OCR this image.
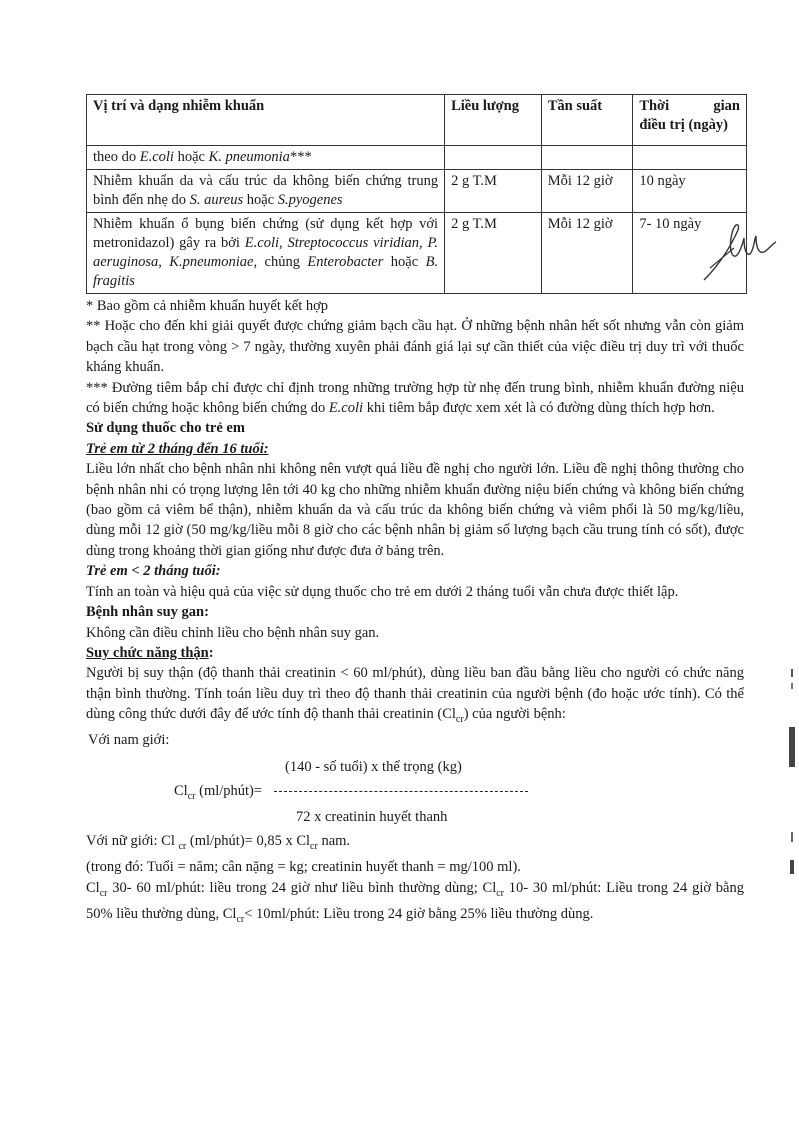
Vị trí và dạng nhiễm khuẩn	Liều lượng	Tần suất	Thời gian
điều trị (ngày)

theo do E.coli hoặc K. pneumonia***			
Nhiễm khuẩn da và cấu trúc da không biến chứng trung bình đến nhẹ do S. aureus hoặc S.pyogenes	2 g T.M	Mỗi 12 giờ	10 ngày
Nhiễm khuẩn ổ bụng biến chứng (sử dụng kết hợp với metronidazol) gây ra bởi E.coli, Streptococcus viridian, P. aeruginosa, K.pneumoniae, chủng Enterobacter hoặc B. fragitis	2 g T.M	Mỗi 12 giờ	7- 10 ngày

* Bao gồm cả nhiễm khuẩn huyết kết hợp

** Hoặc cho đến khi giải quyết được chứng giảm bạch cầu hạt. Ở những bệnh nhân hết sốt nhưng vẫn còn giảm bạch cầu hạt trong vòng > 7 ngày, thường xuyên phải đánh giá lại sự cần thiết của việc điều trị duy trì với thuốc kháng khuẩn.

*** Đường tiêm bắp chỉ được chỉ định trong những trường hợp từ nhẹ đến trung bình, nhiễm khuẩn đường niệu có biến chứng hoặc không biến chứng do E.coli khi tiêm bắp được xem xét là có đường dùng thích hợp hơn.

Sử dụng thuốc cho trẻ em

Trẻ em từ 2 tháng đến 16 tuổi:

Liều lớn nhất cho bệnh nhân nhi không nên vượt quá liều đề nghị cho người lớn. Liều đề nghị thông thường cho bệnh nhân nhi có trọng lượng lên tới 40 kg cho những nhiễm khuẩn đường niệu biến chứng và không biến chứng (bao gồm cả viêm bể thận), nhiễm khuẩn da và cấu trúc da không biến chứng và viêm phổi là 50 mg/kg/liều, dùng mỗi 12 giờ (50 mg/kg/liều mỗi 8 giờ cho các bệnh nhân bị giảm số lượng bạch cầu trung tính có sốt), được dùng trong khoảng thời gian giống như được đưa ở bảng trên.

Trẻ em < 2 tháng tuổi:

Tính an toàn và hiệu quả của việc sử dụng thuốc cho trẻ em dưới 2 tháng tuổi vẫn chưa được thiết lập.

Bệnh nhân suy gan:

Không cần điều chỉnh liều cho bệnh nhân suy gan.

Suy chức năng thận:

Người bị suy thận (độ thanh thải creatinin < 60 ml/phút), dùng liều ban đầu bằng liều cho người có chức năng thận bình thường. Tính toán liều duy trì theo độ thanh thải creatinin của người bệnh (đo hoặc ước tính). Có thể dùng công thức dưới đây để ước tính độ thanh thải creatinin $(Cl_{cr})$ của người bệnh:

Với nam giới:

(140 - số tuổi) x thể trọng (kg)
$Cl_{cr}$ (ml/phút)=
72 x creatinin huyết thanh

Với nữ giới: Cl $_{cr}$ (ml/phút)= 0,85 x $Cl_{cr}$ nam.

(trong đó: Tuổi = năm; cân nặng = kg; creatinin huyết thanh = mg/100 ml).

$Cl_{cr}$ 30- 60 ml/phút: liều trong 24 giờ như liều bình thường dùng; $Cl_{cr}$ 10- 30 ml/phút: Liều trong 24 giờ bằng 50% liều thường dùng, $Cl_{cr}<$ 10ml/phút: Liều trong 24 giờ bằng 25% liều thường dùng.
